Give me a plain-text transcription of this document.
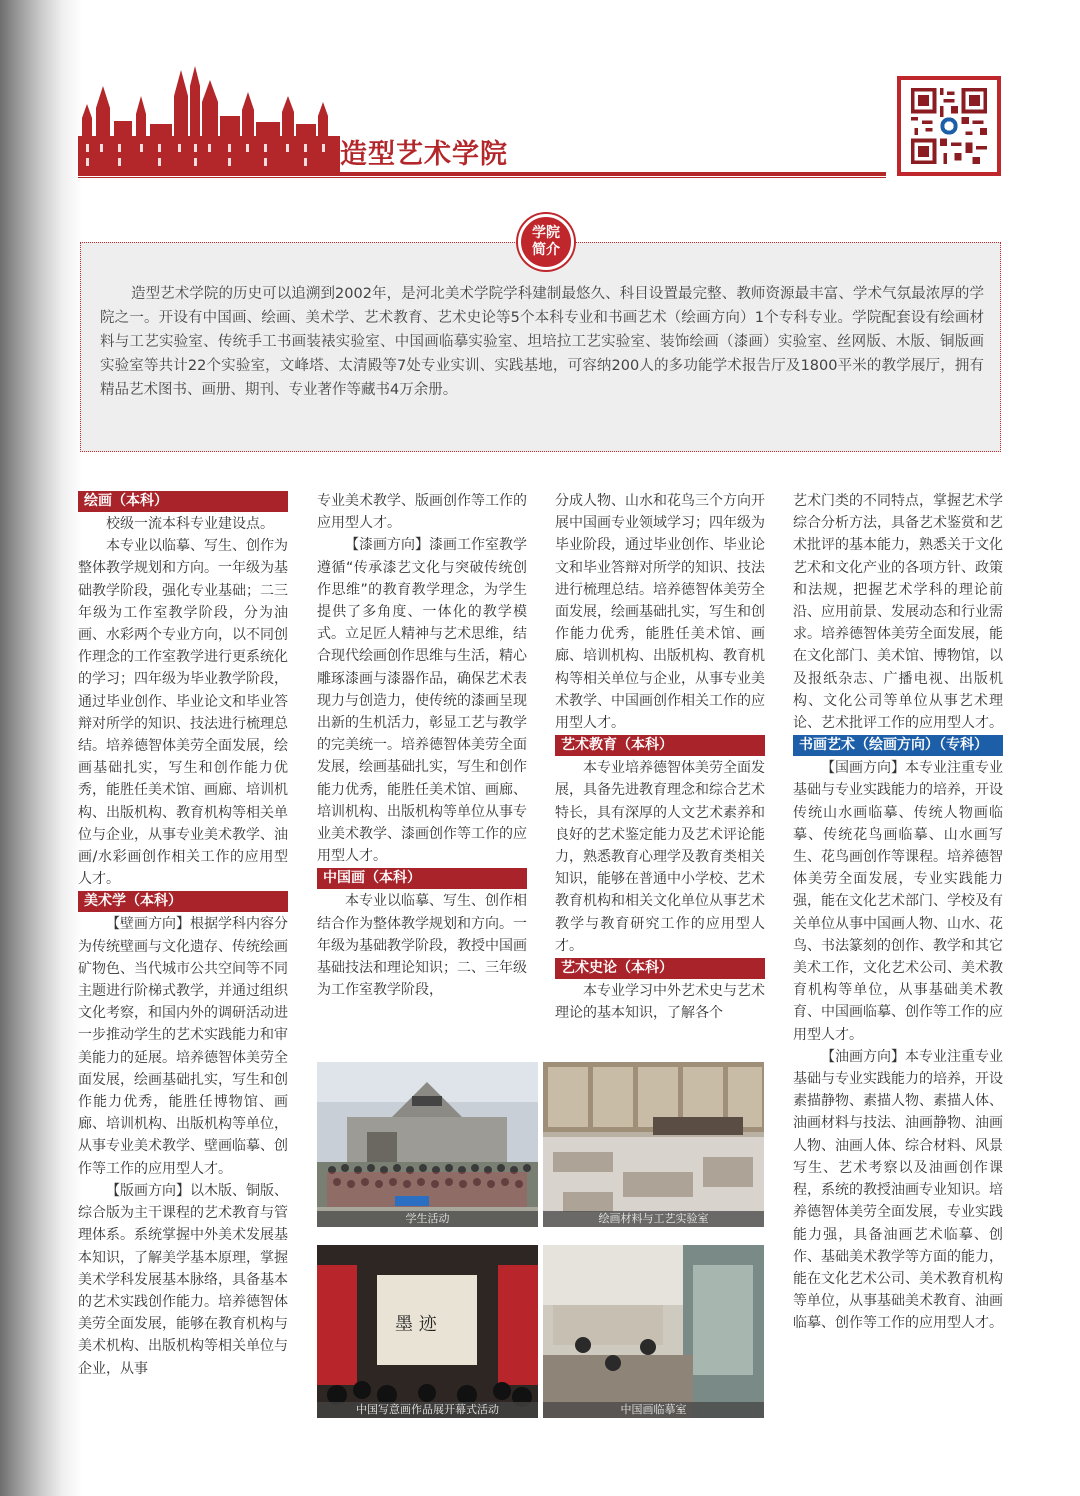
造型艺术学院
学院
简介
造型艺术学院的历史可以追溯到2002年，是河北美术学院学科建制最悠久、科目设置最完整、教师资源最丰富、学术气氛最浓厚的学院之一。开设有中国画、绘画、美术学、艺术教育、艺术史论等5个本科专业和书画艺术（绘画方向）1个专科专业。学院配套设有绘画材料与工艺实验室、传统手工书画装裱实验室、中国画临摹实验室、坦培拉工艺实验室、装饰绘画（漆画）实验室、丝网版、木版、铜版画实验室等共计22个实验室，文峰塔、太清殿等7处专业实训、实践基地，可容纳200人的多功能学术报告厅及1800平米的教学展厅，拥有精品艺术图书、画册、期刊、专业著作等藏书4万余册。
绘画（本科）

校级一流本科专业建设点。

本专业以临摹、写生、创作为整体教学规划和方向。一年级为基础教学阶段，强化专业基础；二三年级为工作室教学阶段，分为油画、水彩两个专业方向，以不同创作理念的工作室教学进行更系统化的学习；四年级为毕业教学阶段，通过毕业创作、毕业论文和毕业答辩对所学的知识、技法进行梳理总结。培养德智体美劳全面发展，绘画基础扎实，写生和创作能力优秀，能胜任美术馆、画廊、培训机构、出版机构、教育机构等相关单位与企业，从事专业美术教学、油画/水彩画创作相关工作的应用型人才。

美术学（本科）

【壁画方向】根据学科内容分为传统壁画与文化遗存、传统绘画矿物色、当代城市公共空间等不同主题进行阶梯式教学，并通过组织文化考察，和国内外的调研活动进一步推动学生的艺术实践能力和审美能力的延展。培养德智体美劳全面发展，绘画基础扎实，写生和创作能力优秀，能胜任博物馆、画廊、培训机构、出版机构等单位，从事专业美术教学、壁画临摹、创作等工作的应用型人才。

【版画方向】以木版、铜版、综合版为主干课程的艺术教育与管理体系。系统掌握中外美术发展基本知识，了解美学基本原理，掌握美术学科发展基本脉络，具备基本的艺术实践创作能力。培养德智体美劳全面发展，能够在教育机构与美术机构、出版机构等相关单位与企业，从事

专业美术教学、版画创作等工作的应用型人才。

【漆画方向】漆画工作室教学遵循“传承漆艺文化与突破传统创作思维”的教育教学理念，为学生提供了多角度、一体化的教学模式。立足匠人精神与艺术思维，结合现代绘画创作思维与生活，精心雕琢漆画与漆器作品，确保艺术表现力与创造力，使传统的漆画呈现出新的生机活力，彰显工艺与教学的完美统一。培养德智体美劳全面发展，绘画基础扎实，写生和创作能力优秀，能胜任美术馆、画廊、培训机构、出版机构等单位从事专业美术教学、漆画创作等工作的应用型人才。

中国画（本科）

本专业以临摹、写生、创作相结合作为整体教学规划和方向。一年级为基础教学阶段，教授中国画基础技法和理论知识；二、三年级为工作室教学阶段，

分成人物、山水和花鸟三个方向开展中国画专业领域学习；四年级为毕业阶段，通过毕业创作、毕业论文和毕业答辩对所学的知识、技法进行梳理总结。培养德智体美劳全面发展，绘画基础扎实，写生和创作能力优秀，能胜任美术馆、画廊、培训机构、出版机构、教育机构等相关单位与企业，从事专业美术教学、中国画创作相关工作的应用型人才。

艺术教育（本科）

本专业培养德智体美劳全面发展，具备先进教育理念和综合艺术特长，具有深厚的人文艺术素养和良好的艺术鉴定能力及艺术评论能力，熟悉教育心理学及教育类相关知识，能够在普通中小学校、艺术教育机构和相关文化单位从事艺术教学与教育研究工作的应用型人才。

艺术史论（本科）

本专业学习中外艺术史与艺术理论的基本知识，了解各个

艺术门类的不同特点，掌握艺术学综合分析方法，具备艺术鉴赏和艺术批评的基本能力，熟悉关于文化艺术和文化产业的各项方针、政策和法规，把握艺术学科的理论前沿、应用前景、发展动态和行业需求。培养德智体美劳全面发展，能在文化部门、美术馆、博物馆，以及报纸杂志、广播电视、出版机构、文化公司等单位从事艺术理论、艺术批评工作的应用型人才。

书画艺术（绘画方向）（专科）

【国画方向】本专业注重专业基础与专业实践能力的培养，开设传统山水画临摹、传统人物画临摹、传统花鸟画临摹、山水画写生、花鸟画创作等课程。培养德智体美劳全面发展，专业实践能力强，能在文化艺术部门、学校及有关单位从事中国画人物、山水、花鸟、书法篆刻的创作、教学和其它美术工作，文化艺术公司、美术教育机构等单位，从事基础美术教育、中国画临摹、创作等工作的应用型人才。

【油画方向】本专业注重专业基础与专业实践能力的培养，开设素描静物、素描人物、素描人体、油画材料与技法、油画静物、油画人物、油画人体、综合材料、风景写生、艺术考察以及油画创作课程，系统的教授油画专业知识。培养德智体美劳全面发展，专业实践能力强，具备油画艺术临摹、创作、基础美术教学等方面的能力，能在文化艺术公司、美术教育机构等单位，从事基础美术教育、油画临摹、创作等工作的应用型人才。

学生活动	绘画材料与工艺实验室
墨 迹
中国写意画作品展开幕式活动	中国画临摹室
